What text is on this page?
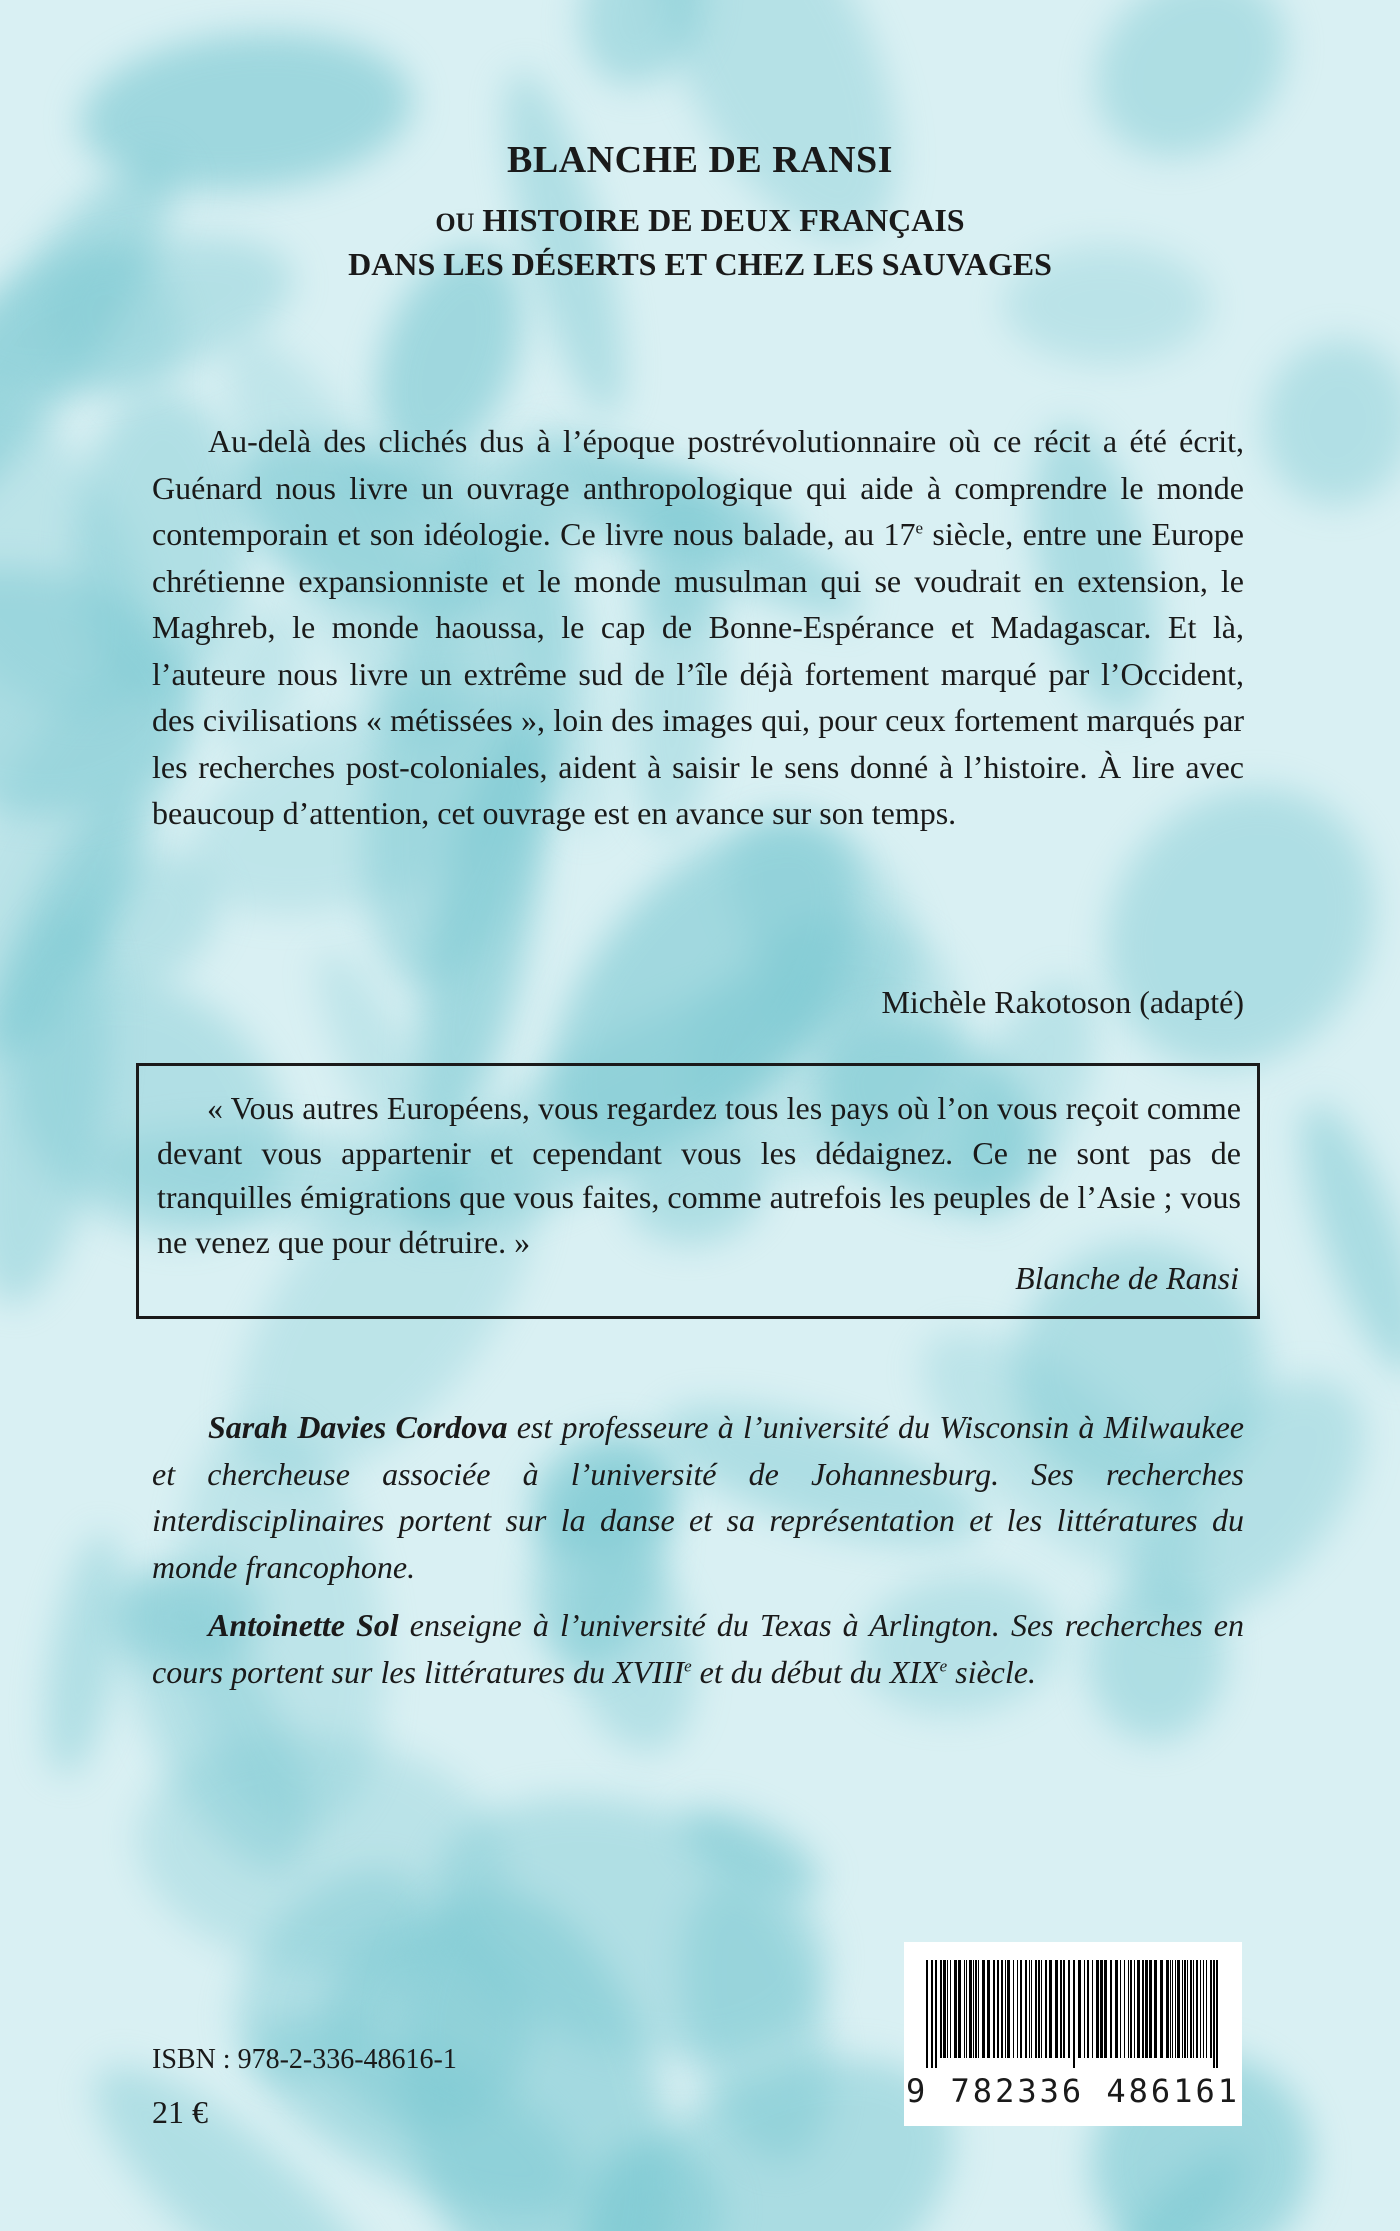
BLANCHE DE RANSI
OU HISTOIRE DE DEUX FRANÇAIS
DANS LES DÉSERTS ET CHEZ LES SAUVAGES

Au-delà des clichés dus à l’époque postrévolutionnaire où ce récit a été écrit, Guénard nous livre un ouvrage anthropologique qui aide à comprendre le monde contemporain et son idéologie. Ce livre nous balade, au 17e siècle, entre une Europe chrétienne expansionniste et le monde musulman qui se voudrait en extension, le Maghreb, le monde haoussa, le cap de Bonne-Espérance et Madagascar. Et là, l’auteure nous livre un extrême sud de l’île déjà fortement marqué par l’Occident, des civilisations « métissées », loin des images qui, pour ceux fortement marqués par les recherches post-coloniales, aident à saisir le sens donné à l’histoire. À lire avec beaucoup d’attention, cet ouvrage est en avance sur son temps.

Michèle Rakotoson (adapté)

« Vous autres Européens, vous regardez tous les pays où l’on vous reçoit comme devant vous appartenir et cependant vous les dédaignez. Ce ne sont pas de tranquilles émigrations que vous faites, comme autrefois les peuples de l’Asie ; vous ne venez que pour détruire. »

Blanche de Ransi

Sarah Davies Cordova est professeure à l’université du Wisconsin à Milwaukee et chercheuse associée à l’université de Johannesburg. Ses recherches interdisciplinaires portent sur la danse et sa représentation et les littératures du monde francophone.

Antoinette Sol enseigne à l’université du Texas à Arlington. Ses recherches en cours portent sur les littératures du XVIIIe et du début du XIXe siècle.

ISBN : 978-2-336-48616-1
21 €
9 782336 486161
